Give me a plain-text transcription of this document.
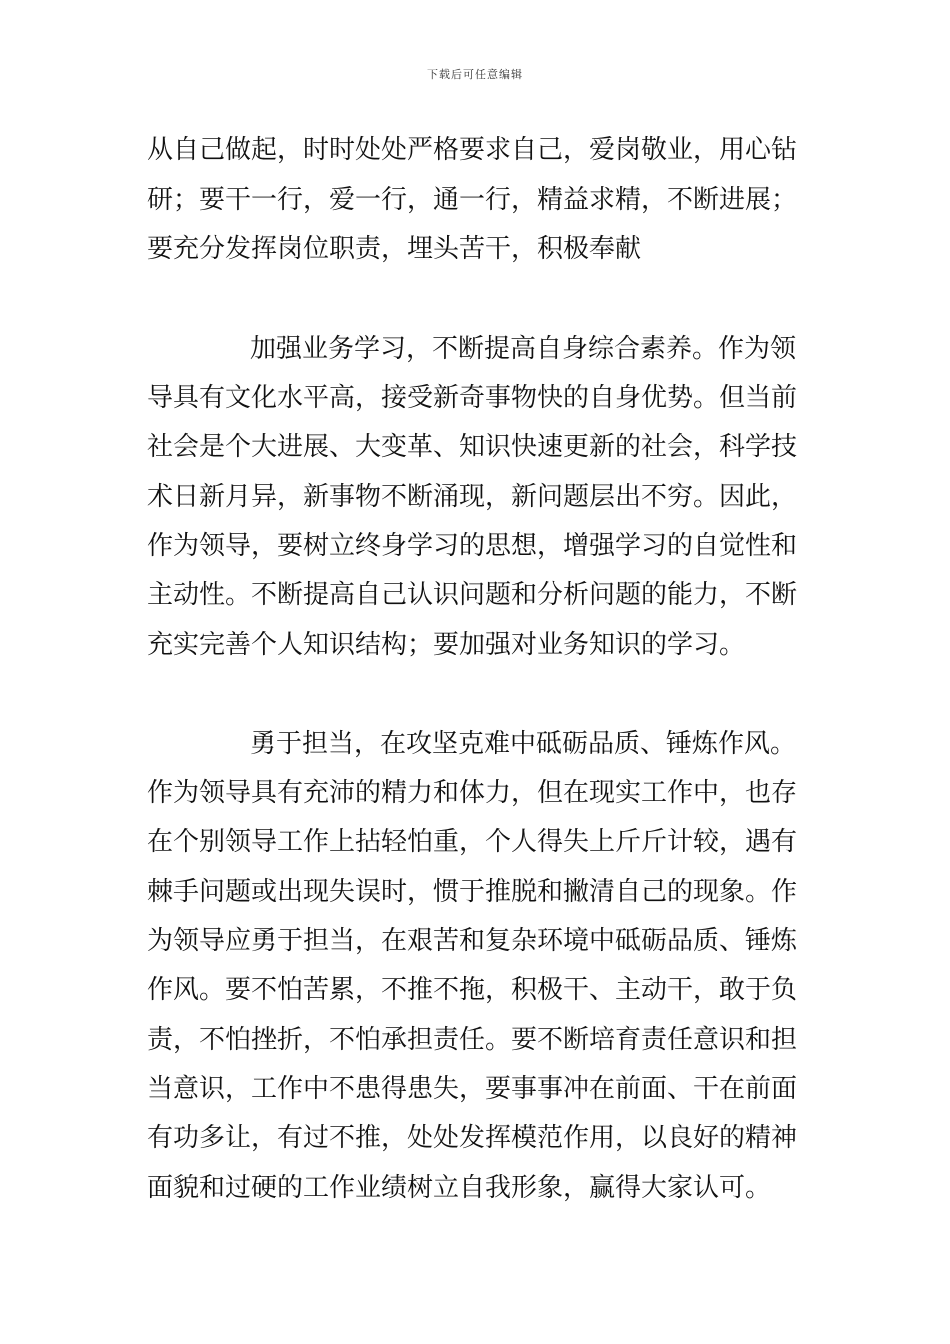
下载后可任意编辑
从自己做起，时时处处严格要求自己，爱岗敬业，用心钻
研；要干一行，爱一行，通一行，精益求精，不断进展；
要充分发挥岗位职责，埋头苦干，积极奉献
加强业务学习，不断提高自身综合素养。作为领
导具有文化水平高，接受新奇事物快的自身优势。但当前
社会是个大进展、大变革、知识快速更新的社会，科学技
术日新月异，新事物不断涌现，新问题层出不穷。因此，
作为领导，要树立终身学习的思想，增强学习的自觉性和
主动性。不断提高自己认识问题和分析问题的能力，不断
充实完善个人知识结构；要加强对业务知识的学习。
勇于担当，在攻坚克难中砥砺品质、锤炼作风。
作为领导具有充沛的精力和体力，但在现实工作中，也存
在个别领导工作上拈轻怕重，个人得失上斤斤计较，遇有
棘手问题或出现失误时，惯于推脱和撇清自己的现象。作
为领导应勇于担当，在艰苦和复杂环境中砥砺品质、锤炼
作风。要不怕苦累，不推不拖，积极干、主动干，敢于负
责，不怕挫折，不怕承担责任。要不断培育责任意识和担
当意识，工作中不患得患失，要事事冲在前面、干在前面
有功多让，有过不推，处处发挥模范作用，以良好的精神
面貌和过硬的工作业绩树立自我形象，赢得大家认可。
